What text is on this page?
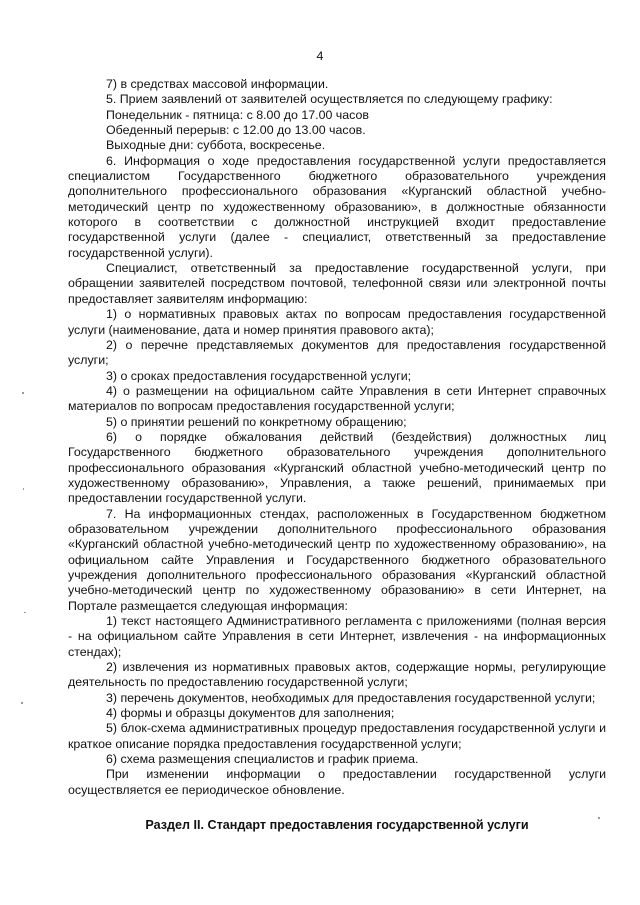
4

7) в средствах массовой информации.

5. Прием заявлений от заявителей осуществляется по следующему графику:

Понедельник - пятница: с 8.00 до 17.00 часов

Обеденный перерыв: с 12.00 до 13.00 часов.

Выходные дни: суббота, воскресенье.

6. Информация о ходе предоставления государственной услуги предоставляется специалистом Государственного бюджетного образовательного учреждения дополнительного профессионального образования «Курганский областной учебно-методический центр по художественному образованию», в должностные обязанности которого в соответствии с должностной инструкцией входит предоставление государственной услуги (далее - специалист, ответственный за предоставление государственной услуги).

Специалист, ответственный за предоставление государственной услуги, при обращении заявителей посредством почтовой, телефонной связи или электронной почты предоставляет заявителям информацию:

1) о нормативных правовых актах по вопросам предоставления государственной услуги (наименование, дата и номер принятия правового акта);

2) о перечне представляемых документов для предоставления государственной услуги;

3) о сроках предоставления государственной услуги;

4) о размещении на официальном сайте Управления в сети Интернет справочных материалов по вопросам предоставления государственной услуги;

5) о принятии решений по конкретному обращению;

6) о порядке обжалования действий (бездействия) должностных лиц Государственного бюджетного образовательного учреждения дополнительного профессионального образования «Курганский областной учебно-методический центр по художественному образованию», Управления, а также решений, принимаемых при предоставлении государственной услуги.

7. На информационных стендах, расположенных в Государственном бюджетном образовательном учреждении дополнительного профессионального образования «Курганский областной учебно-методический центр по художественному образованию», на официальном сайте Управления и Государственного бюджетного образовательного учреждения дополнительного профессионального образования «Курганский областной учебно-методический центр по художественному образованию» в сети Интернет, на Портале размещается следующая информация:

1) текст настоящего Административного регламента с приложениями (полная версия - на официальном сайте Управления в сети Интернет, извлечения - на информационных стендах);

2) извлечения из нормативных правовых актов, содержащие нормы, регулирующие деятельность по предоставлению государственной услуги;

3) перечень документов, необходимых для предоставления государственной услуги;

4) формы и образцы документов для заполнения;

5) блок-схема административных процедур предоставления государственной услуги и краткое описание порядка предоставления государственной услуги;

6) схема размещения специалистов и график приема.

При изменении информации о предоставлении государственной услуги осуществляется ее периодическое обновление.

Раздел II. Стандарт предоставления государственной услуги
